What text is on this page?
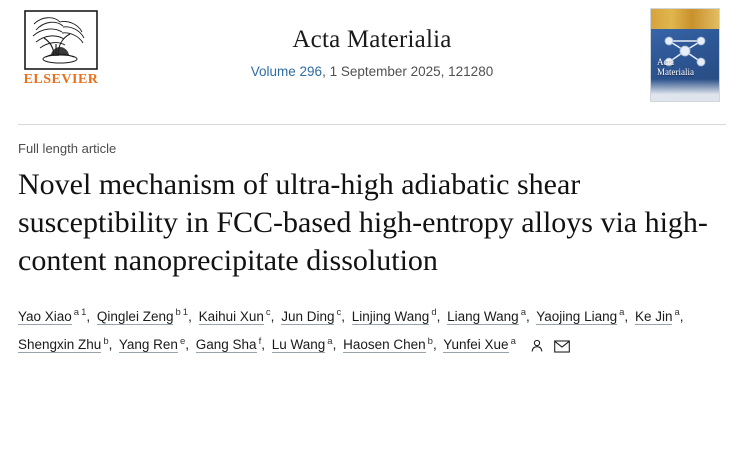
ELSEVIER
Acta Materialia
Volume 296, 1 September 2025, 121280
Acta
Materialia
Full length article
Novel mechanism of ultra-high adiabatic shear susceptibility in FCC-based high-entropy alloys via high-content nanoprecipitate dissolution
Yao Xiao $^a$ $^1$, Qinglei Zeng $^b$ $^1$, Kaihui Xun $^c$, Jun Ding $^c$, Linjing Wang $^d$, Liang Wang $^a$, Yaojing Liang $^a$, Ke Jin $^a$, Shengxin Zhu $^b$, Yang Ren $^e$, Gang Sha $^f$, Lu Wang $^a$, Haosen Chen $^b$, Yunfei Xue $^a$
